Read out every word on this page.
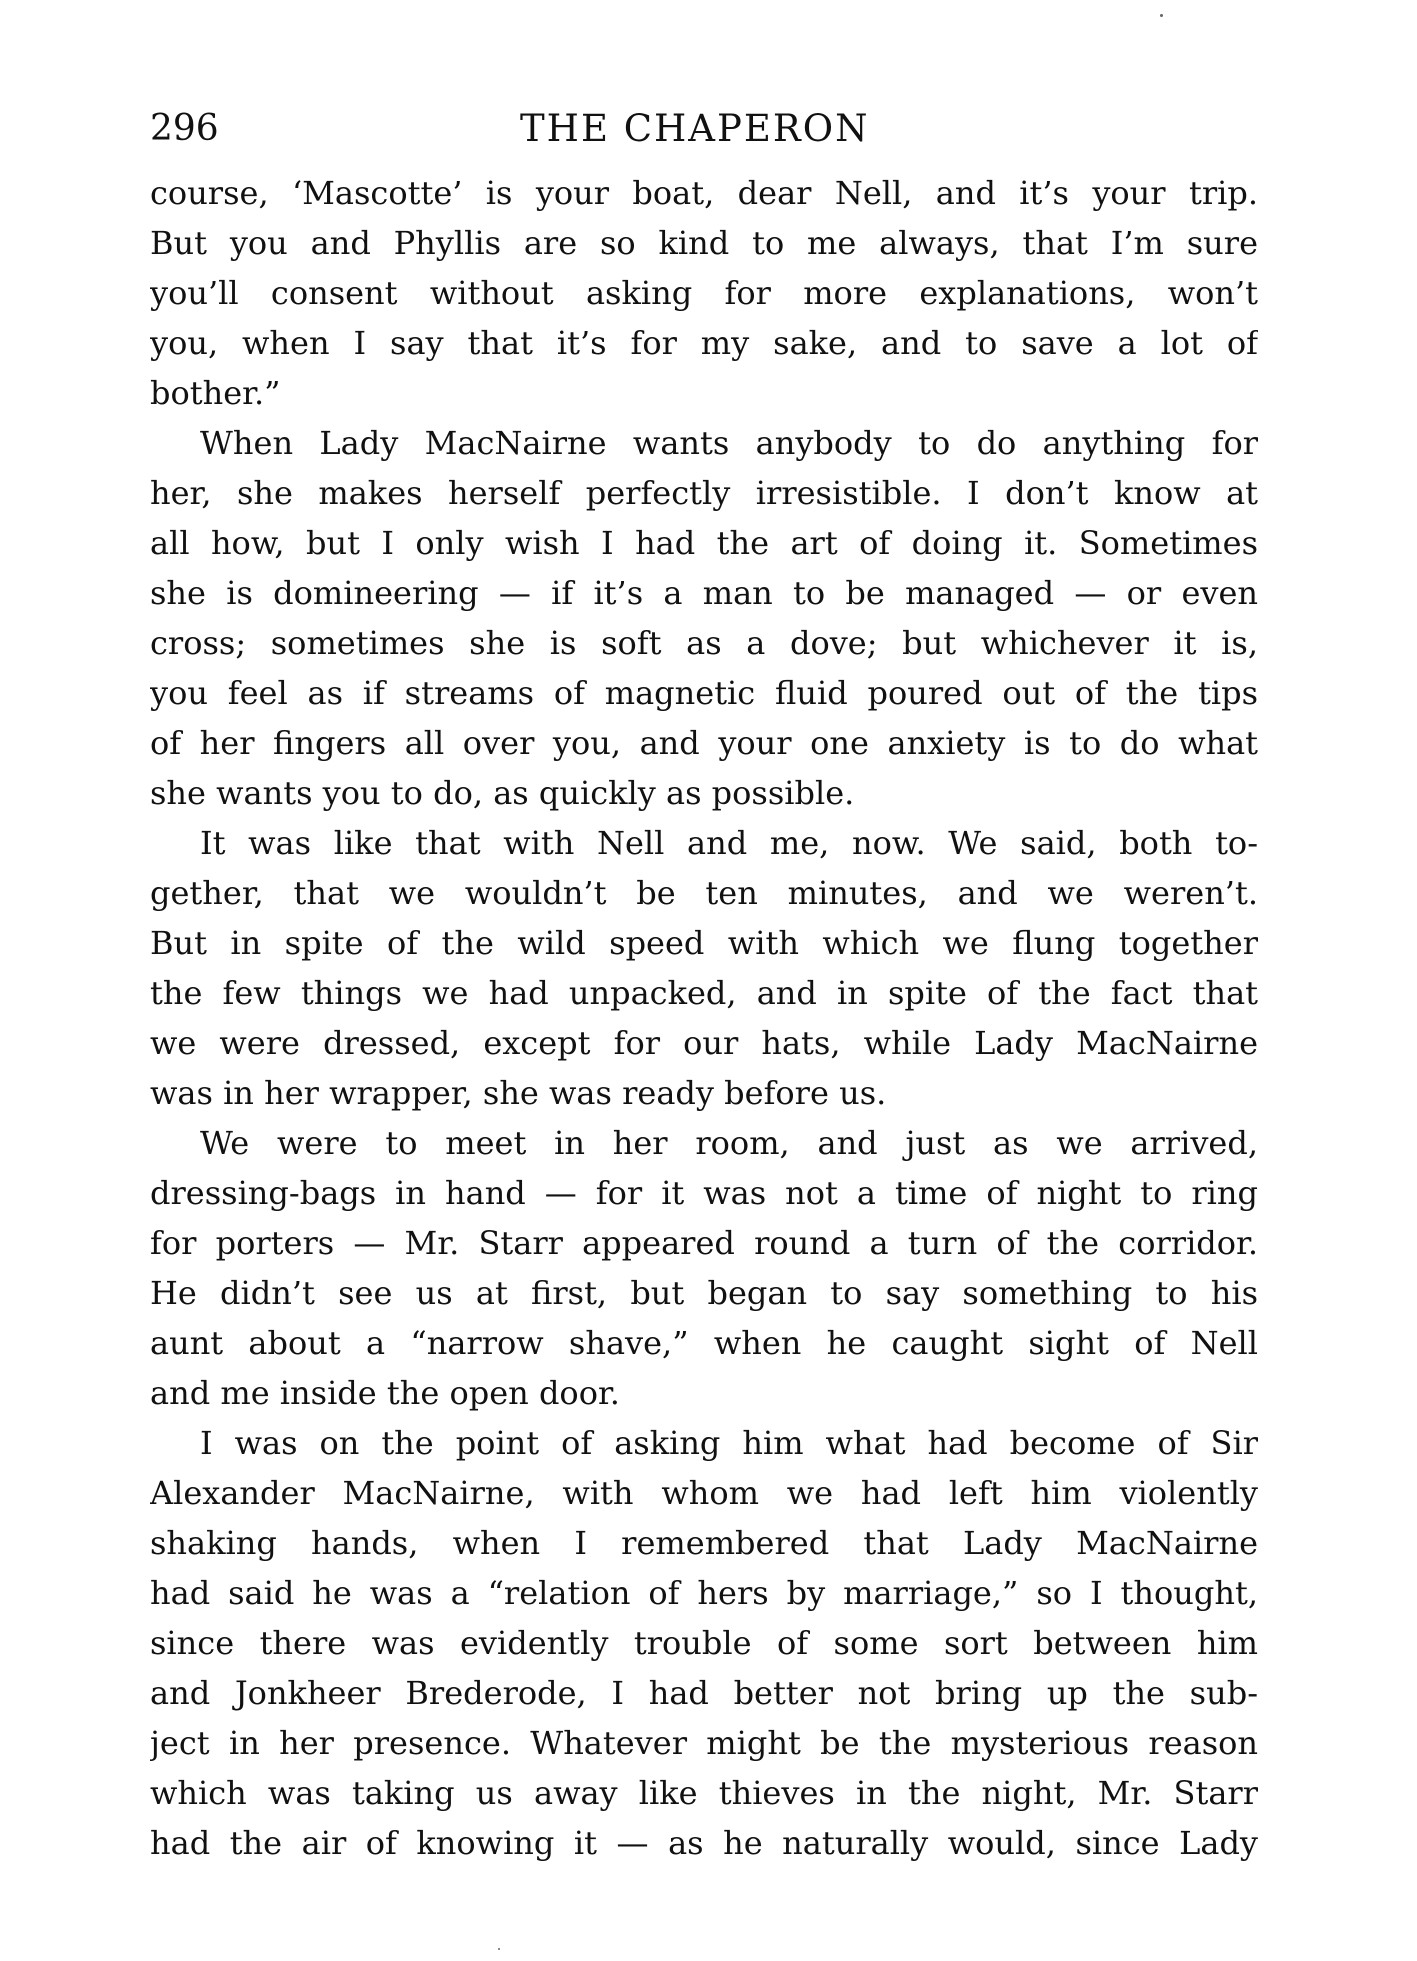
296	THE CHAPERON
course, ‘Mascotte’ is your boat, dear Nell, and it’s your trip.
But you and Phyllis are so kind to me always, that I’m sure
you’ll consent without asking for more explanations, won’t
you, when I say that it’s for my sake, and to save a lot of
bother.”
When Lady MacNairne wants anybody to do anything for
her, she makes herself perfectly irresistible. I don’t know at
all how, but I only wish I had the art of doing it. Sometimes
she is domineering — if it’s a man to be managed — or even
cross; sometimes she is soft as a dove; but whichever it is,
you feel as if streams of magnetic fluid poured out of the tips
of her fingers all over you, and your one anxiety is to do what
she wants you to do, as quickly as possible.
It was like that with Nell and me, now. We said, both to-
gether, that we wouldn’t be ten minutes, and we weren’t.
But in spite of the wild speed with which we flung together
the few things we had unpacked, and in spite of the fact that
we were dressed, except for our hats, while Lady MacNairne
was in her wrapper, she was ready before us.
We were to meet in her room, and just as we arrived,
dressing-bags in hand — for it was not a time of night to ring
for porters — Mr. Starr appeared round a turn of the corridor.
He didn’t see us at first, but began to say something to his
aunt about a “narrow shave,” when he caught sight of Nell
and me inside the open door.
I was on the point of asking him what had become of Sir
Alexander MacNairne, with whom we had left him violently
shaking hands, when I remembered that Lady MacNairne
had said he was a “relation of hers by marriage,” so I thought,
since there was evidently trouble of some sort between him
and Jonkheer Brederode, I had better not bring up the sub-
ject in her presence. Whatever might be the mysterious reason
which was taking us away like thieves in the night, Mr. Starr
had the air of knowing it — as he naturally would, since Lady
